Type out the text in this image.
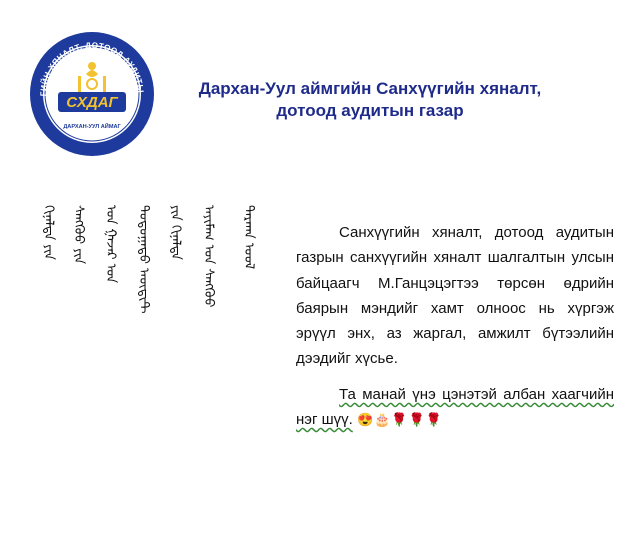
ГИЙН ХЯНАЛТ, ДОТООД АУДИТЫ
СХДАГ
ДАРХАН-УУЛ АЙМАГ
Дархан-Уул аймгийн Санхүүгийн хяналт,
дотоод аудитын газар
ᠬᠢᠨᠠᠯᠲᠠ ᠶᠢᠨ ᠰᠠᠩᠬᠦᠦ ᠶᠢᠨ ᠤᠨ ᠭᠠᠵᠠᠷ ᠤᠨ ᠳᠣᠲᠣᠭᠠᠳᠤ ᠠᠦ᠋ᠳᠢᠲ ᠶᠢᠨ ᠬᠢᠨᠠᠯᠲᠠ ᠠᠶᠢᠮᠠᠭ ᠤᠨ ᠰᠠᠩᠬᠦᠦ ᠳᠠᠷᠬᠠᠨ ᠤᠤᠯ	Санхүүгийн хяналт, дотоод аудитын газрын санхүүгийн хяналт шалгалтын улсын байцаагч М.Ганцэцэгтээ төрсөн өдрийн баярын мэндийг хамт олноос нь хүргэж эрүүл энх, аз жаргал, амжилт бүтээлийн дээдийг хүсье.

Та манай үнэ цэнэтэй албан хаагчийн нэг шүү. 😍🎂🌹🌹🌹
